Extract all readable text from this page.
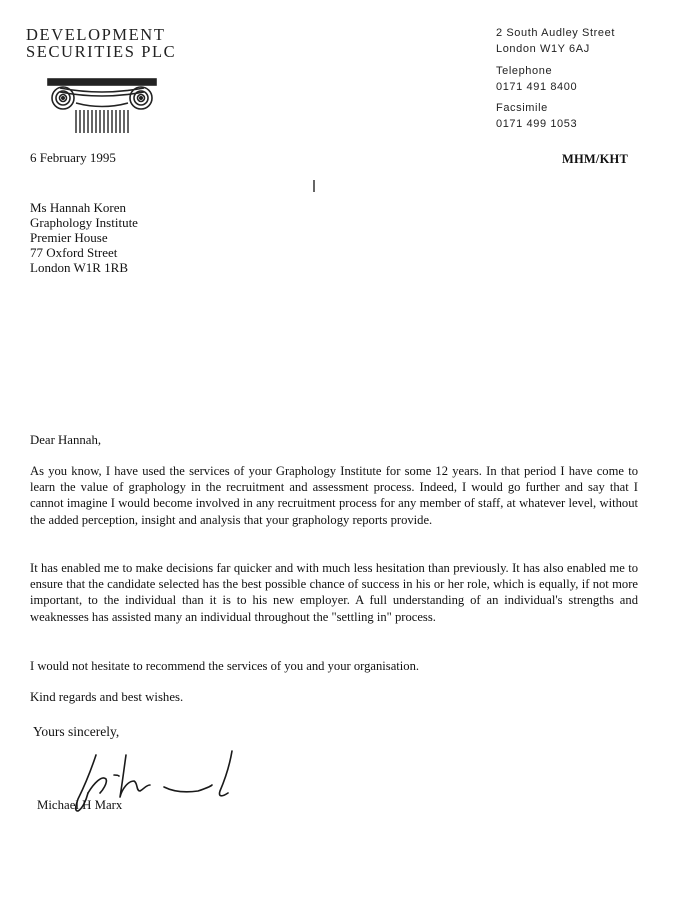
DEVELOPMENT
SECURITIES PLC
2 South Audley Street
London W1Y 6AJ
Telephone
0171 491 8400
Facsimile
0171 499 1053
6 February 1995	MHM/KHT
Ms Hannah Koren
Graphology Institute
Premier House
77 Oxford Street
London W1R 1RB
Dear Hannah,
As you know, I have used the services of your Graphology Institute for some 12 years. In that period I have come to learn the value of graphology in the recruitment and assessment process. Indeed, I would go further and say that I cannot imagine I would become involved in any recruitment process for any member of staff, at whatever level, without the added perception, insight and analysis that your graphology reports provide.
It has enabled me to make decisions far quicker and with much less hesitation than previously. It has also enabled me to ensure that the candidate selected has the best possible chance of success in his or her role, which is equally, if not more important, to the individual than it is to his new employer. A full understanding of an individual's strengths and weaknesses has assisted many an individual throughout the "settling in" process.
I would not hesitate to recommend the services of you and your organisation.
Kind regards and best wishes.
Yours sincerely,
Michael H Marx
